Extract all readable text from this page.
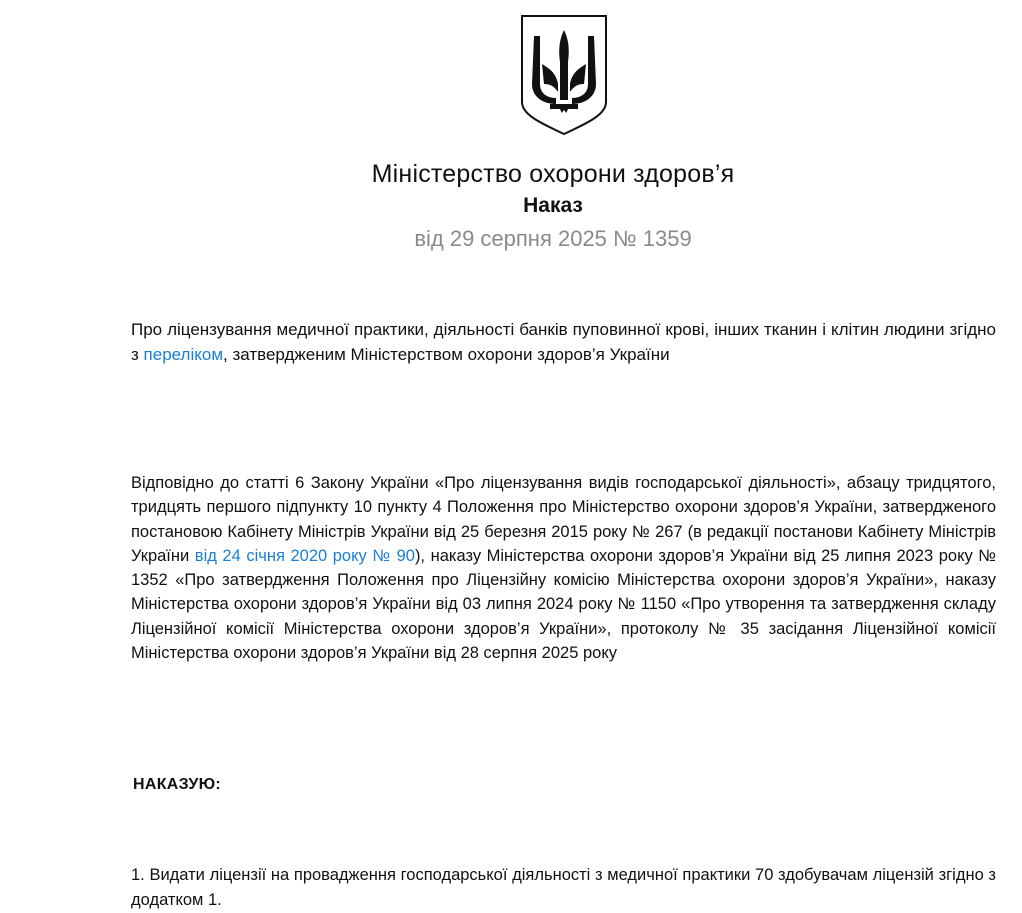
Міністерство охорони здоров’я
Наказ
від 29 серпня 2025 № 1359
Про ліцензування медичної практики, діяльності банків пуповинної крові, інших тканин і клітин людини згідно з переліком, затвердженим Міністерством охорони здоров’я України
Відповідно до статті 6 Закону України «Про ліцензування видів господарської діяльності», абзацу тридцятого, тридцять першого підпункту 10 пункту 4 Положення про Міністерство охорони здоров’я України, затвердженого постановою Кабінету Міністрів України від 25 березня 2015 року № 267 (в редакції постанови Кабінету Міністрів України від 24 січня 2020 року № 90), наказу Міністерства охорони здоров’я України від 25 липня 2023 року № 1352 «Про затвердження Положення про Ліцензійну комісію Міністерства охорони здоров’я України», наказу Міністерства охорони здоров’я України від 03 липня 2024 року № 1150 «Про утворення та затвердження складу Ліцензійної комісії Міністерства охорони здоров’я України», протоколу № 35 засідання Ліцензійної комісії Міністерства охорони здоров’я України від 28 серпня 2025 року
НАКАЗУЮ:
1. Видати ліцензії на провадження господарської діяльності з медичної практики 70 здобувачам ліцензій згідно з додатком 1.
